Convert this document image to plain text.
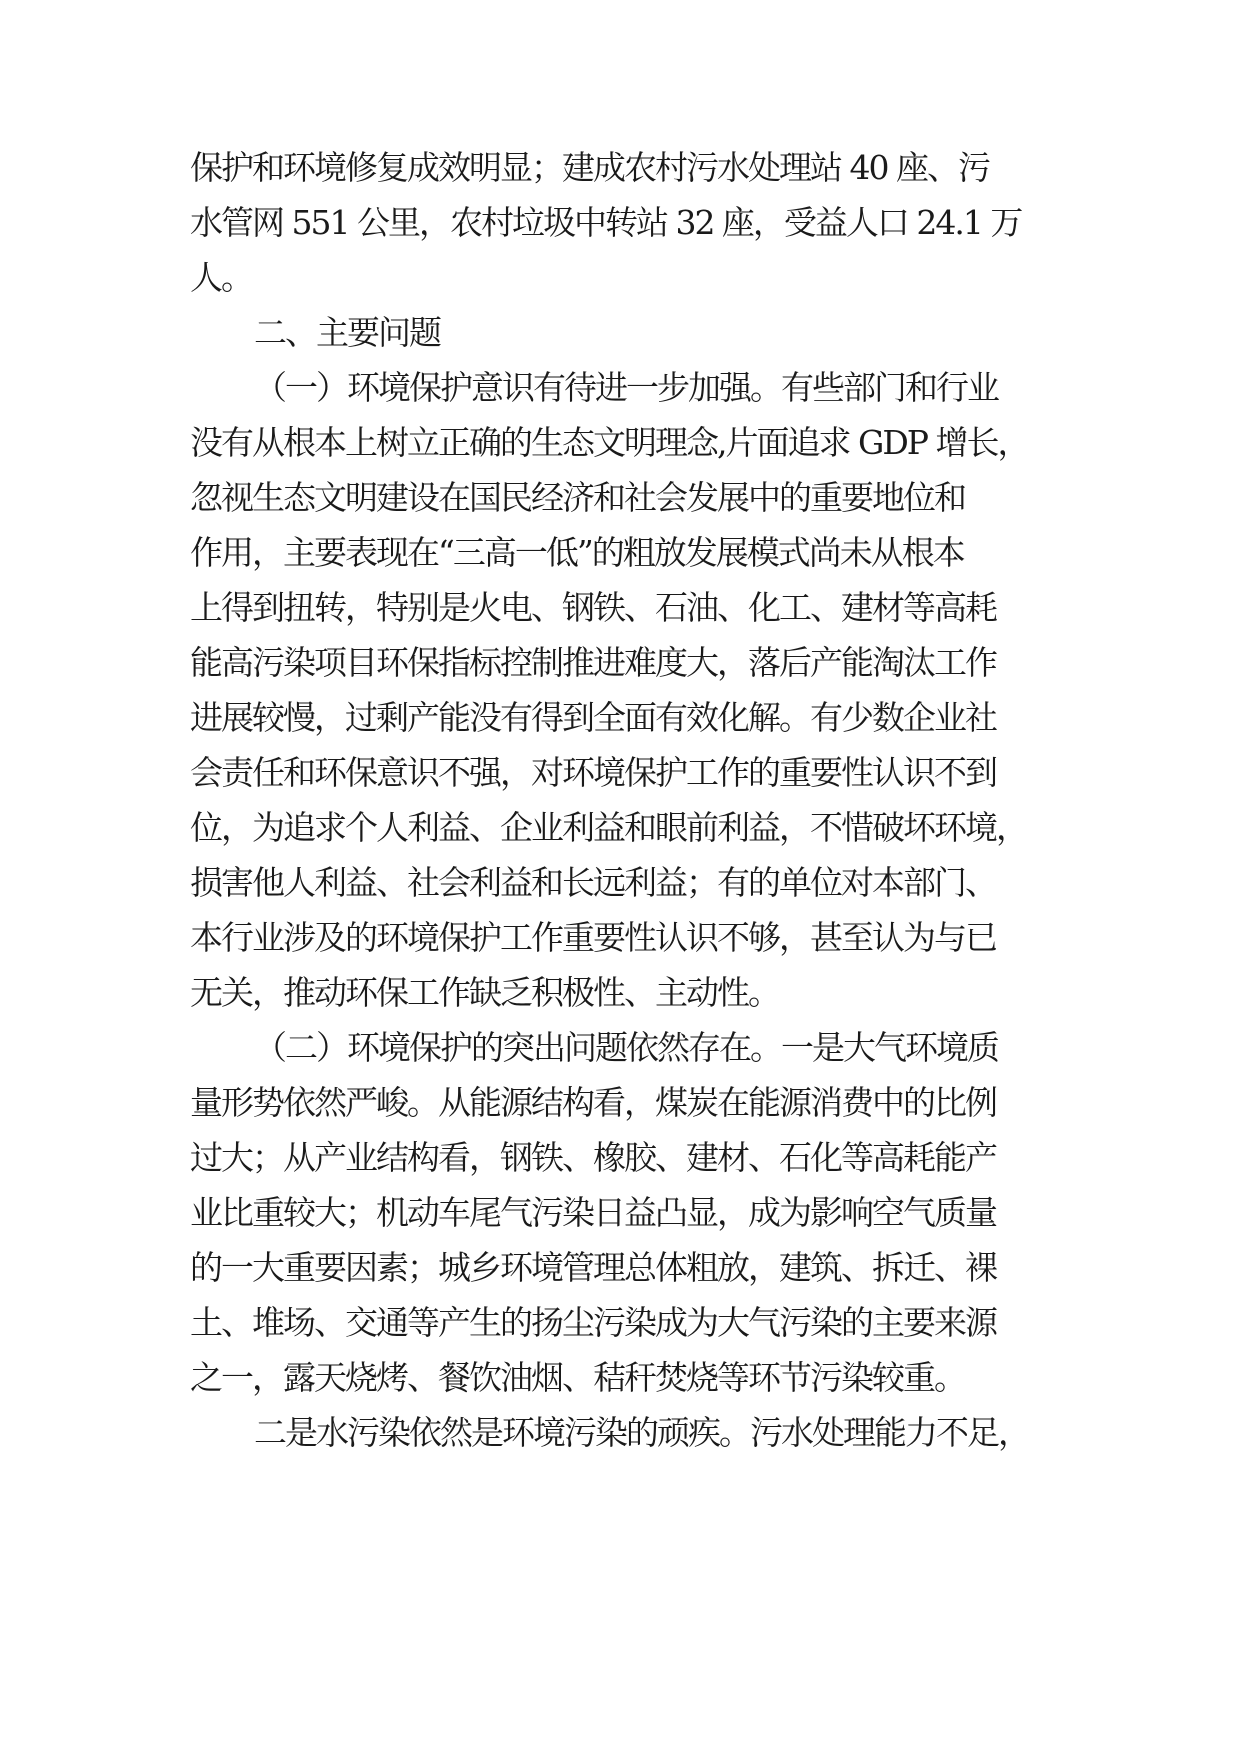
保护和环境修复成效明显；建成农村污水处理站 40 座、污
水管网 551 公里，农村垃圾中转站 32 座，受益人口 24.1 万
人。
二、主要问题
（一）环境保护意识有待进一步加强。有些部门和行业
没有从根本上树立正确的生态文明理念,片面追求 GDP 增长，
忽视生态文明建设在国民经济和社会发展中的重要地位和
作用，主要表现在“三高一低”的粗放发展模式尚未从根本
上得到扭转，特别是火电、钢铁、石油、化工、建材等高耗
能高污染项目环保指标控制推进难度大，落后产能淘汰工作
进展较慢，过剩产能没有得到全面有效化解。有少数企业社
会责任和环保意识不强，对环境保护工作的重要性认识不到
位，为追求个人利益、企业利益和眼前利益，不惜破坏环境，
损害他人利益、社会利益和长远利益；有的单位对本部门、
本行业涉及的环境保护工作重要性认识不够，甚至认为与已
无关，推动环保工作缺乏积极性、主动性。
（二）环境保护的突出问题依然存在。一是大气环境质
量形势依然严峻。从能源结构看，煤炭在能源消费中的比例
过大；从产业结构看，钢铁、橡胶、建材、石化等高耗能产
业比重较大；机动车尾气污染日益凸显，成为影响空气质量
的一大重要因素；城乡环境管理总体粗放，建筑、拆迁、裸
土、堆场、交通等产生的扬尘污染成为大气污染的主要来源
之一，露天烧烤、餐饮油烟、秸秆焚烧等环节污染较重。
二是水污染依然是环境污染的顽疾。污水处理能力不足，
